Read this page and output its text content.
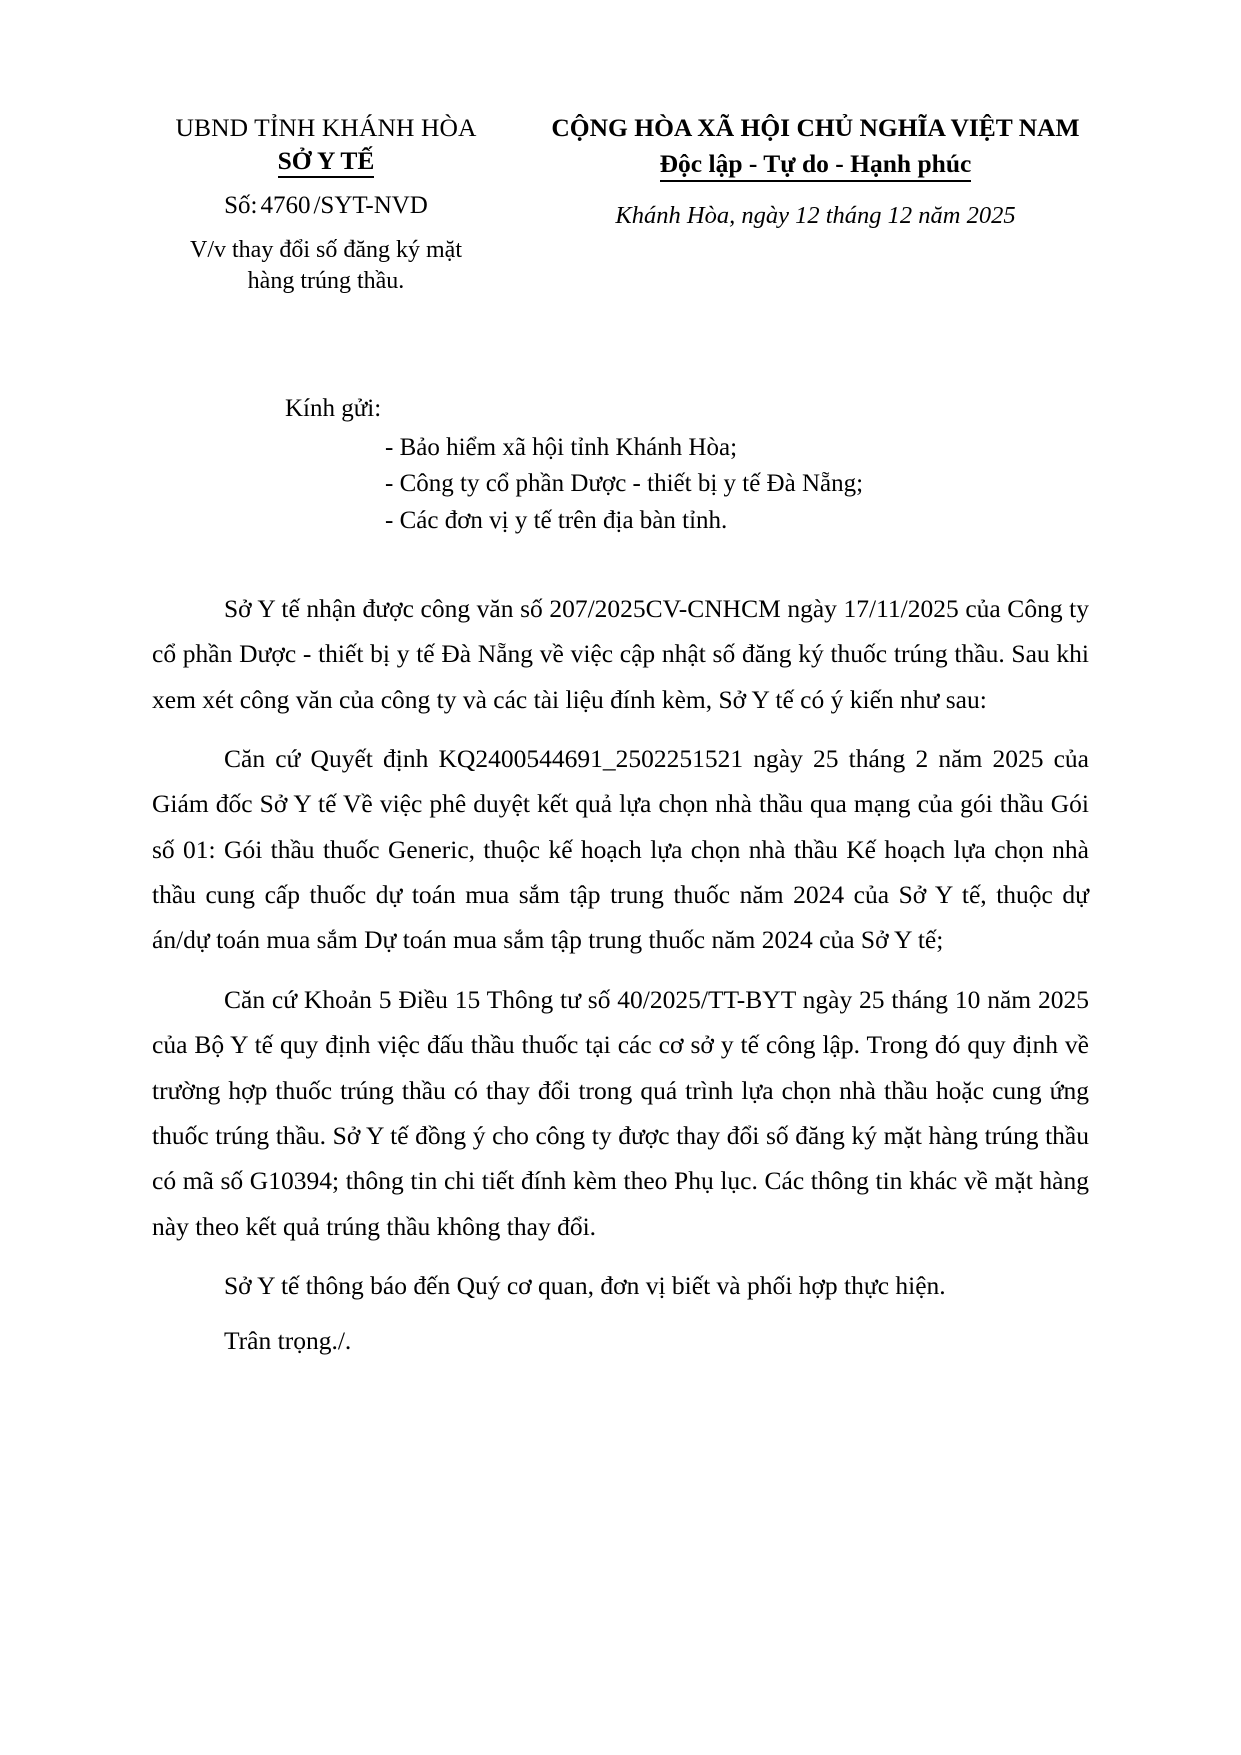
UBND TỈNH KHÁNH HÒA
SỞ Y TẾ
Số: 4760 /SYT-NVD
V/v thay đổi số đăng ký mặt
hàng trúng thầu.
CỘNG HÒA XÃ HỘI CHỦ NGHĨA VIỆT NAM
Độc lập - Tự do - Hạnh phúc
Khánh Hòa, ngày 12 tháng 12 năm 2025
Kính gửi:
- Bảo hiểm xã hội tỉnh Khánh Hòa;
- Công ty cổ phần Dược - thiết bị y tế Đà Nẵng;
- Các đơn vị y tế trên địa bàn tỉnh.

Sở Y tế nhận được công văn số 207/2025CV-CNHCM ngày 17/11/2025 của Công ty cổ phần Dược - thiết bị y tế Đà Nẵng về việc cập nhật số đăng ký thuốc trúng thầu. Sau khi xem xét công văn của công ty và các tài liệu đính kèm, Sở Y tế có ý kiến như sau:

Căn cứ Quyết định KQ2400544691_2502251521 ngày 25 tháng 2 năm 2025 của Giám đốc Sở Y tế Về việc phê duyệt kết quả lựa chọn nhà thầu qua mạng của gói thầu Gói số 01: Gói thầu thuốc Generic, thuộc kế hoạch lựa chọn nhà thầu Kế hoạch lựa chọn nhà thầu cung cấp thuốc dự toán mua sắm tập trung thuốc năm 2024 của Sở Y tế, thuộc dự án/dự toán mua sắm Dự toán mua sắm tập trung thuốc năm 2024 của Sở Y tế;

Căn cứ Khoản 5 Điều 15 Thông tư số 40/2025/TT-BYT ngày 25 tháng 10 năm 2025 của Bộ Y tế quy định việc đấu thầu thuốc tại các cơ sở y tế công lập. Trong đó quy định về trường hợp thuốc trúng thầu có thay đổi trong quá trình lựa chọn nhà thầu hoặc cung ứng thuốc trúng thầu. Sở Y tế đồng ý cho công ty được thay đổi số đăng ký mặt hàng trúng thầu có mã số G10394; thông tin chi tiết đính kèm theo Phụ lục. Các thông tin khác về mặt hàng này theo kết quả trúng thầu không thay đổi.

Sở Y tế thông báo đến Quý cơ quan, đơn vị biết và phối hợp thực hiện.

Trân trọng./.
